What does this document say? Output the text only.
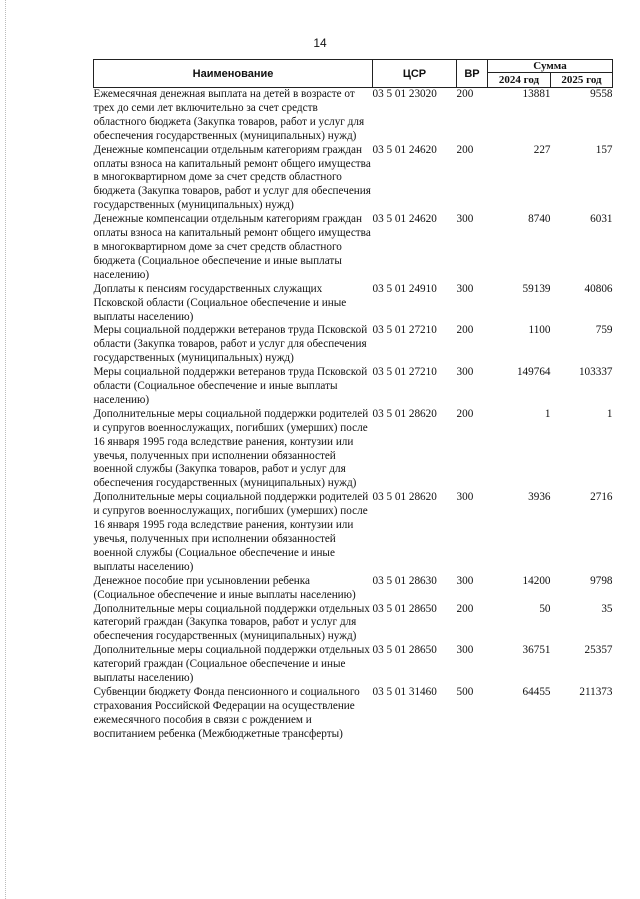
14
Наименование	ЦСР	ВР	Сумма	
			2024 год	2025 год
Ежемесячная денежная выплата на детей в возрасте от трех до семи лет включительно за счет средств областного бюджета (Закупка товаров, работ и услуг для обеспечения государственных (муниципальных) нужд)	03 5 01 23020	200	13881	9558
Денежные компенсации отдельным категориям граждан оплаты взноса на капитальный ремонт общего имущества в многоквартирном доме за счет средств областного бюджета (Закупка товаров, работ и услуг для обеспечения государственных (муниципальных) нужд)	03 5 01 24620	200	227	157
Денежные компенсации отдельным категориям граждан оплаты взноса на капитальный ремонт общего имущества в многоквартирном доме за счет средств областного бюджета (Социальное обеспечение и иные выплаты населению)	03 5 01 24620	300	8740	6031
Доплаты к пенсиям государственных служащих Псковской области (Социальное обеспечение и иные выплаты населению)	03 5 01 24910	300	59139	40806
Меры социальной поддержки ветеранов труда Псковской области (Закупка товаров, работ и услуг для обеспечения государственных (муниципальных) нужд)	03 5 01 27210	200	1100	759
Меры социальной поддержки ветеранов труда Псковской области (Социальное обеспечение и иные выплаты населению)	03 5 01 27210	300	149764	103337
Дополнительные меры социальной поддержки родителей и супругов военнослужащих, погибших (умерших) после 16 января 1995 года вследствие ранения, контузии или увечья, полученных при исполнении обязанностей военной службы (Закупка товаров, работ и услуг для обеспечения государственных (муниципальных) нужд)	03 5 01 28620	200	1	1
Дополнительные меры социальной поддержки родителей и супругов военнослужащих, погибших (умерших) после 16 января 1995 года вследствие ранения, контузии или увечья, полученных при исполнении обязанностей военной службы (Социальное обеспечение и иные выплаты населению)	03 5 01 28620	300	3936	2716
Денежное пособие при усыновлении ребенка (Социальное обеспечение и иные выплаты населению)	03 5 01 28630	300	14200	9798
Дополнительные меры социальной поддержки отдельных категорий граждан (Закупка товаров, работ и услуг для обеспечения государственных (муниципальных) нужд)	03 5 01 28650	200	50	35
Дополнительные меры социальной поддержки отдельных категорий граждан (Социальное обеспечение и иные выплаты населению)	03 5 01 28650	300	36751	25357
Субвенции бюджету Фонда пенсионного и социального страхования Российской Федерации на осуществление ежемесячного пособия в связи с рождением и воспитанием ребенка (Межбюджетные трансферты)	03 5 01 31460	500	64455	211373
